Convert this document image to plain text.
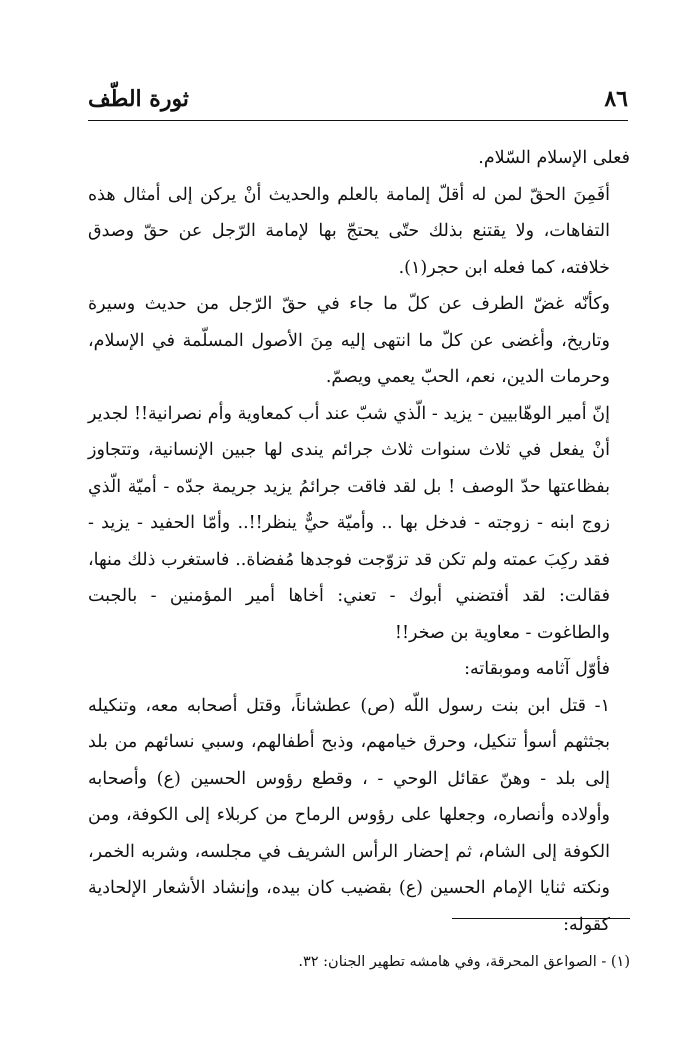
٨٦
ثورة الطّف

فعلى الإسلام السّلام.

أفَمِنَ الحقّ لمن له أقلّ إلمامة بالعلم والحديث أنْ يركن إلى أمثال هذه التفاهات، ولا يقتنع بذلك حتّى يحتجّ بها لإمامة الرّجل عن حقّ وصدق خلافته، كما فعله ابن حجر(١).

وكأنّه غضّ الطرف عن كلّ ما جاء في حقّ الرّجل من حديث وسيرة وتاريخ، وأغضى عن كلّ ما انتهى إليه مِنَ الأصول المسلّمة في الإسلام، وحرمات الدين، نعم، الحبّ يعمي ويصمّ.

إنّ أمير الوهّابيين - يزيد - الّذي شبّ عند أب كمعاوية وأم نصرانية!! لجدير أنْ يفعل في ثلاث سنوات ثلاث جرائم يندى لها جبين الإنسانية، وتتجاوز بفظاعتها حدّ الوصف ! بل لقد فاقت جرائمُ يزيد جريمة جدّه - أميّة الّذي زوج ابنه - زوجته - فدخل بها .. وأميّة حيٌّ ينظر!!.. وأمّا الحفيد - يزيد - فقد ركِبَ عمته ولم تكن قد تزوّجت فوجدها مُفضاة.. فاستغرب ذلك منها، فقالت: لقد أفتضني أبوك - تعني: أخاها أمير المؤمنين - بالجبت والطاغوت - معاوية بن صخر!!

فأوّل آثامه وموبقاته:

١- قتل ابن بنت رسول اللّه (ص) عطشاناً، وقتل أصحابه معه، وتنكيله بجثثهم أسوأ تنكيل، وحرق خيامهم، وذبح أطفالهم، وسبي نسائهم من بلد إلى بلد - وهنّ عقائل الوحي - ، وقطع رؤوس الحسين (ع) وأصحابه وأولاده وأنصاره، وجعلها على رؤوس الرماح من كربلاء إلى الكوفة، ومن الكوفة إلى الشام، ثم إحضار الرأس الشريف في مجلسه، وشربه الخمر، ونكته ثنايا الإمام الحسين (ع) بقضيب كان بيده، وإنشاد الأشعار الإلحادية كقوله:

(١) - الصواعق المحرقة، وفي هامشه تطهير الجنان: ٣٢.
